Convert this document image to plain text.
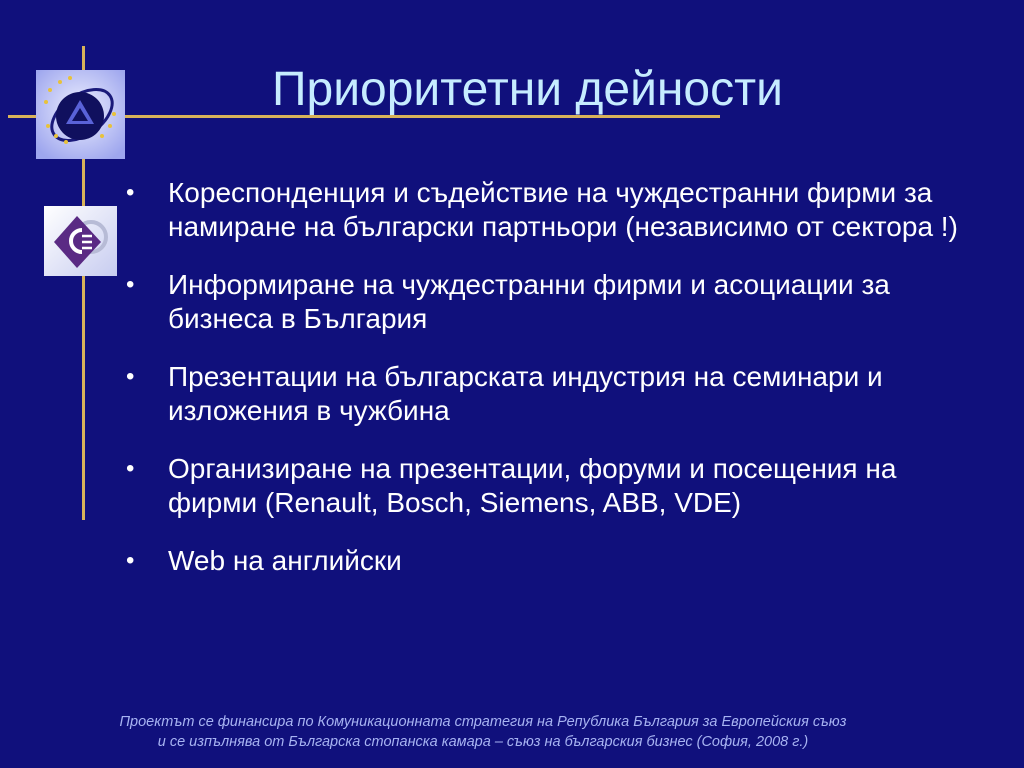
Приоритетни дейности
•	Кореспонденция и съдействие на чуждестранни фирми за намиране на български партньори (независимо от сектора !)
•	Информиране на чуждестранни фирми и асоциации за бизнеса в България
•	Презентации на българската индустрия на семинари и изложения в чужбина
•	Организиране на презентации, форуми и посещения на фирми (Renault, Bosch, Siemens, ABB, VDE)
•	Web на английски
Проектът се финансира по Комуникационната стратегия на Република България за Европейския съюз
и се изпълнява от Българска стопанска камара – съюз на българския бизнес (София, 2008 г.)
